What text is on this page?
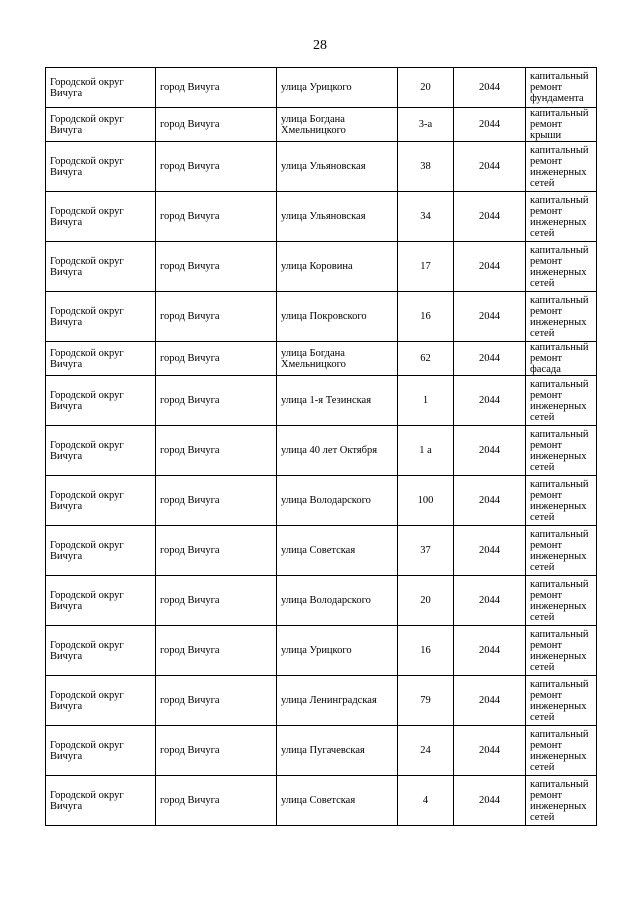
28
Городской округ Вичуга	город Вичуга	улица Урицкого	20	2044	капитальный ремонт фундамента
Городской округ Вичуга	город Вичуга	улица Богдана Хмельницкого	3-а	2044	капитальный ремонт крыши
Городской округ Вичуга	город Вичуга	улица Ульяновская	38	2044	капитальный ремонт инженерных сетей
Городской округ Вичуга	город Вичуга	улица Ульяновская	34	2044	капитальный ремонт инженерных сетей
Городской округ Вичуга	город Вичуга	улица Коровина	17	2044	капитальный ремонт инженерных сетей
Городской округ Вичуга	город Вичуга	улица Покровского	16	2044	капитальный ремонт инженерных сетей
Городской округ Вичуга	город Вичуга	улица Богдана Хмельницкого	62	2044	капитальный ремонт фасада
Городской округ Вичуга	город Вичуга	улица 1-я Тезинская	1	2044	капитальный ремонт инженерных сетей
Городской округ Вичуга	город Вичуга	улица 40 лет Октября	1 а	2044	капитальный ремонт инженерных сетей
Городской округ Вичуга	город Вичуга	улица Володарского	100	2044	капитальный ремонт инженерных сетей
Городской округ Вичуга	город Вичуга	улица Советская	37	2044	капитальный ремонт инженерных сетей
Городской округ Вичуга	город Вичуга	улица Володарского	20	2044	капитальный ремонт инженерных сетей
Городской округ Вичуга	город Вичуга	улица Урицкого	16	2044	капитальный ремонт инженерных сетей
Городской округ Вичуга	город Вичуга	улица Ленинградская	79	2044	капитальный ремонт инженерных сетей
Городской округ Вичуга	город Вичуга	улица Пугачевская	24	2044	капитальный ремонт инженерных сетей
Городской округ Вичуга	город Вичуга	улица Советская	4	2044	капитальный ремонт инженерных сетей
